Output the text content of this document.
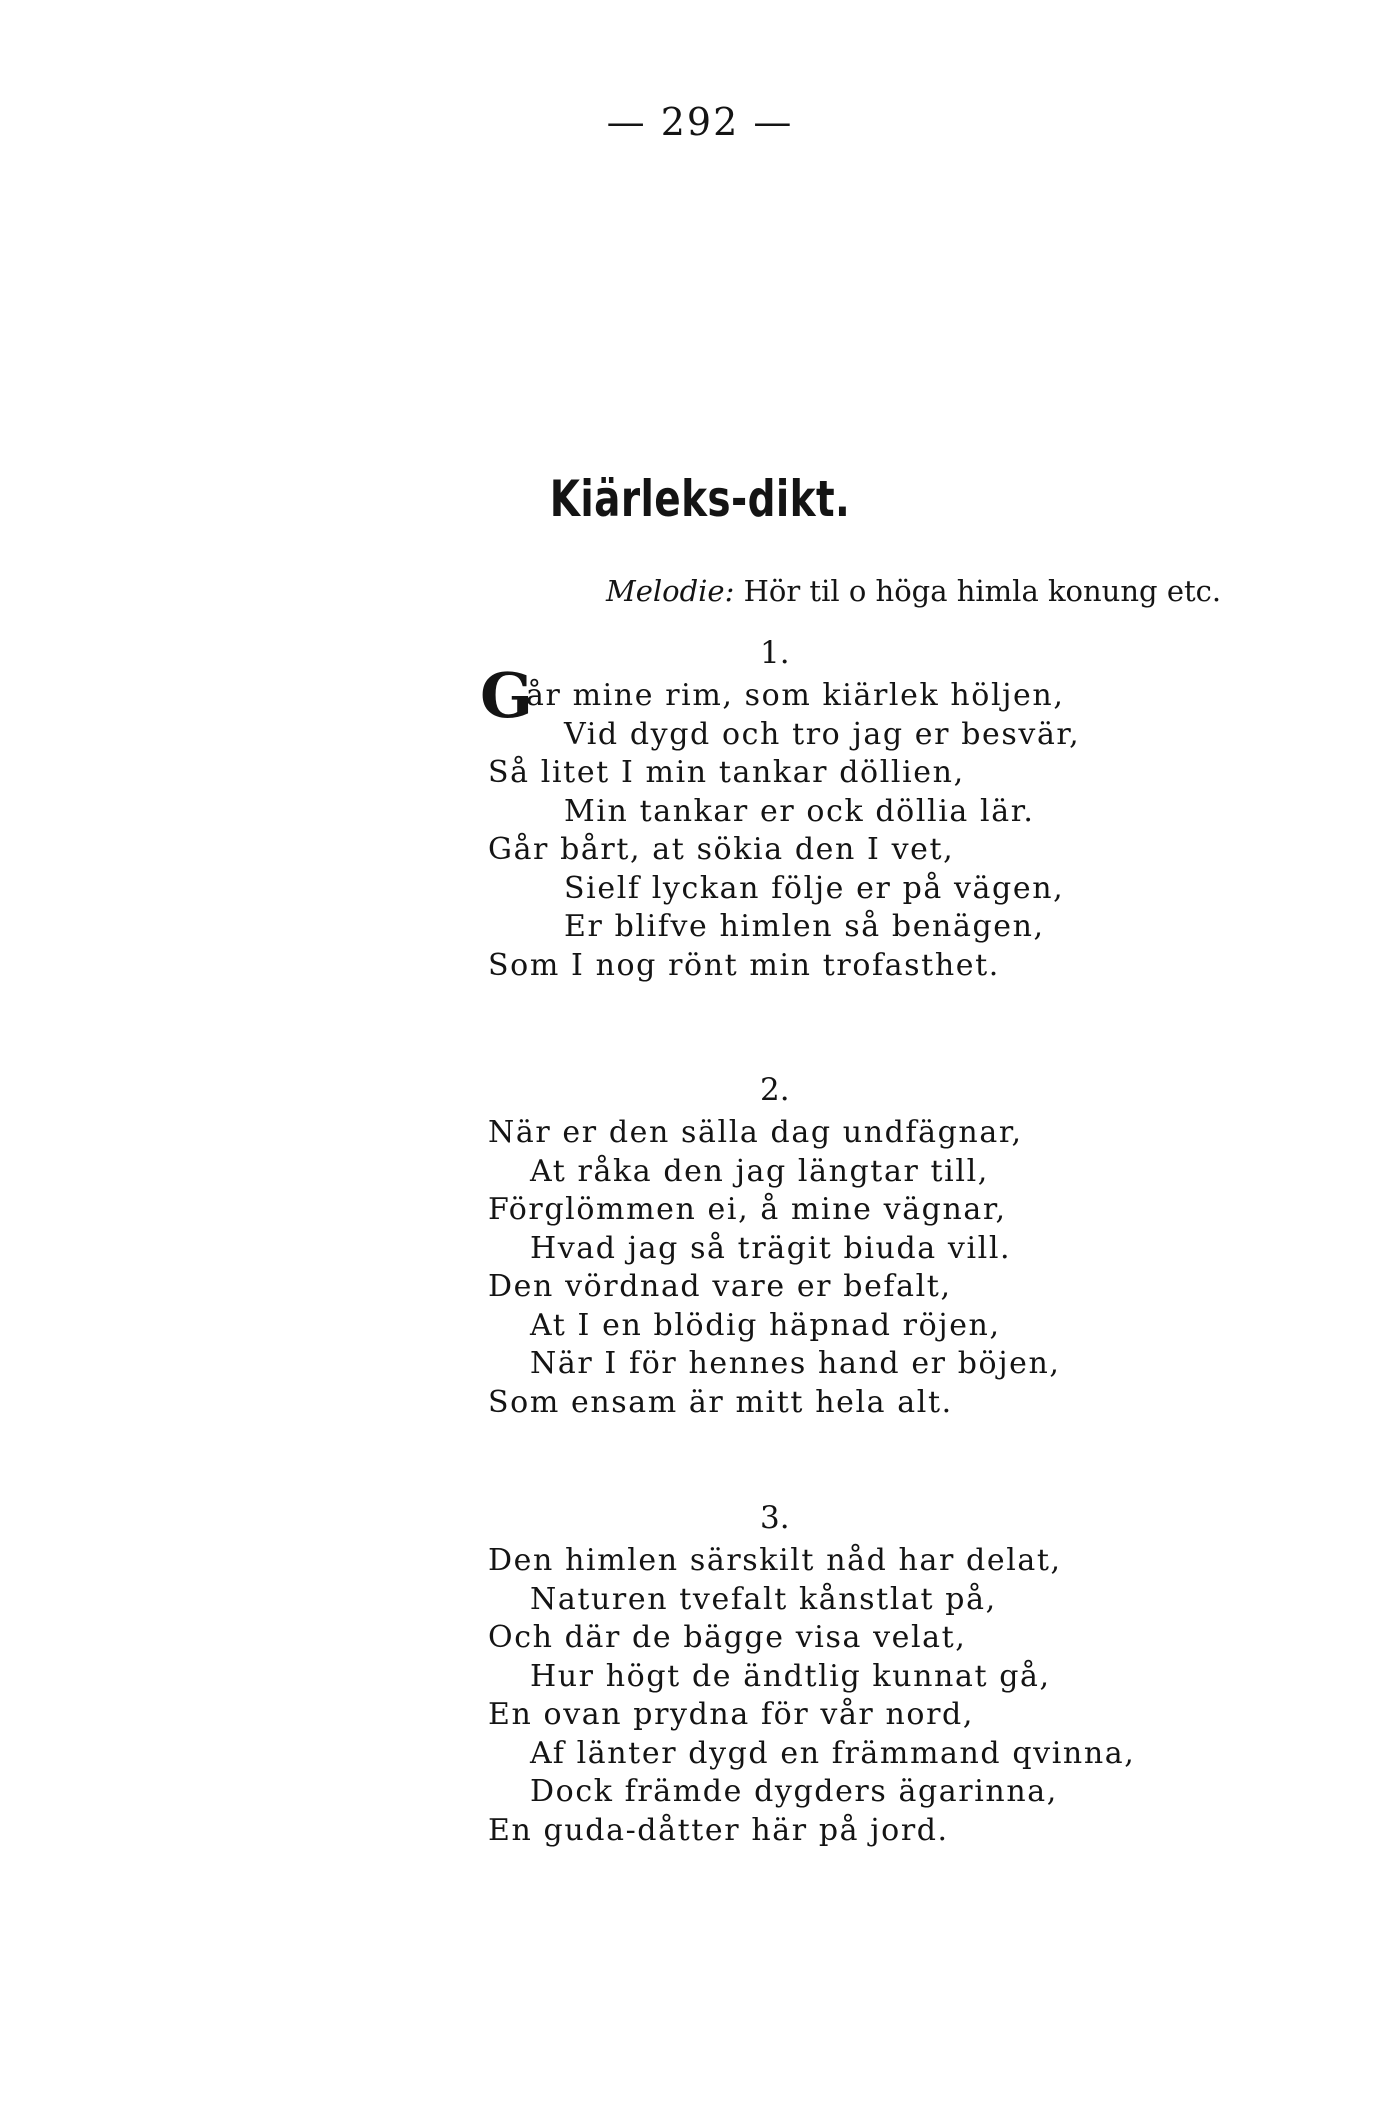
— 292 —
Kiärleks-dikt.
Melodie: Hör til o höga himla konung etc.
1.
G
år mine rim, som kiärlek höljen,
Vid dygd och tro jag er besvär,
Så litet I min tankar döllien,
Min tankar er ock döllia lär.
Går bårt, at sökia den I vet,
Sielf lyckan följe er på vägen,
Er blifve himlen så benägen,
Som I nog rönt min trofasthet.
2.
När er den sälla dag undfägnar,
At råka den jag längtar till,
Förglömmen ei, å mine vägnar,
Hvad jag så trägit biuda vill.
Den vördnad vare er befalt,
At I en blödig häpnad röjen,
När I för hennes hand er böjen,
Som ensam är mitt hela alt.
3.
Den himlen särskilt nåd har delat,
Naturen tvefalt kånstlat på,
Och där de bägge visa velat,
Hur högt de ändtlig kunnat gå,
En ovan prydna för vår nord,
Af länter dygd en främmand qvinna,
Dock främde dygders ägarinna,
En guda-dåtter här på jord.
